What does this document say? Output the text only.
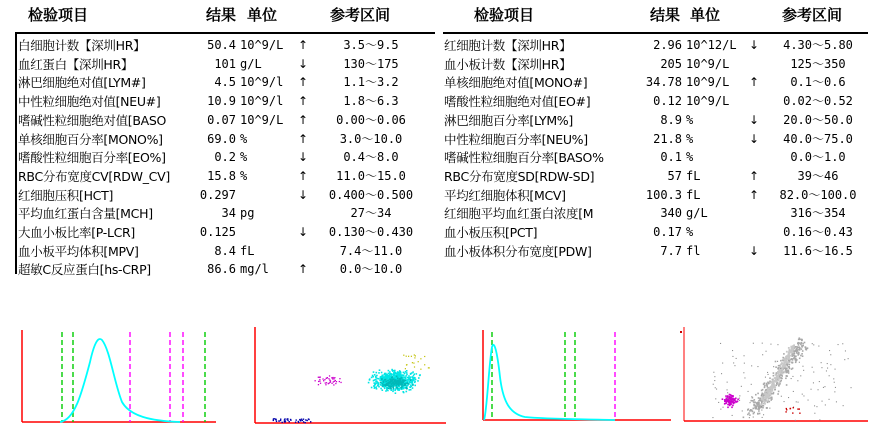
检验项目	结果 单位	参考区间	检验项目	结果 单位	参考区间
白细胞计数【深圳HR】	50.4 10^9/L	↑	3.5～9.5
血红蛋白【深圳HR】	101 g/L	↓	130～175
淋巴细胞绝对值[LYM#]	4.5 10^9/l	↑	1.1～3.2
中性粒细胞绝对值[NEU#]	10.9 10^9/l	↑	1.8～6.3
嗜碱性粒细胞绝对值[BASO	0.07 10^9/L	↑	0.00～0.06
单核细胞百分率[MONO%]	69.0 %	↑	3.0～10.0
嗜酸性粒细胞百分率[EO%]	0.2 %	↓	0.4～8.0
RBC分布宽度CV[RDW_CV]	15.8 %	↑	11.0～15.0
红细胞压积[HCT]	0.297	↓	0.400～0.500
平均血红蛋白含量[MCH]	34 pg	27～34
大血小板比率[P-LCR]	0.125	↓	0.130～0.430
血小板平均体积[MPV]	8.4 fL	7.4～11.0
超敏C反应蛋白[hs-CRP]	86.6 mg/l	↑	0.0～10.0
红细胞计数【深圳HR】	2.96 10^12/L	↓	4.30～5.80
血小板计数【深圳HR】	205 10^9/L	125～350
单核细胞绝对值[MONO#]	34.78 10^9/L	↑	0.1～0.6
嗜酸性粒细胞绝对值[EO#]	0.12 10^9/L	0.02～0.52
淋巴细胞百分率[LYM%]	8.9 %	↓	20.0～50.0
中性粒细胞百分率[NEU%]	21.8 %	↓	40.0～75.0
嗜碱性粒细胞百分率[BASO%	0.1 %	0.0～1.0
RBC分布宽度SD[RDW-SD]	57 fL	↑	39～46
平均红细胞体积[MCV]	100.3 fL	↑	82.0～100.0
红细胞平均血红蛋白浓度[M	340 g/L	316～354
血小板压积[PCT]	0.17 %	0.16～0.43
血小板体积分布宽度[PDW]	7.7 fl	↓	11.6～16.5
